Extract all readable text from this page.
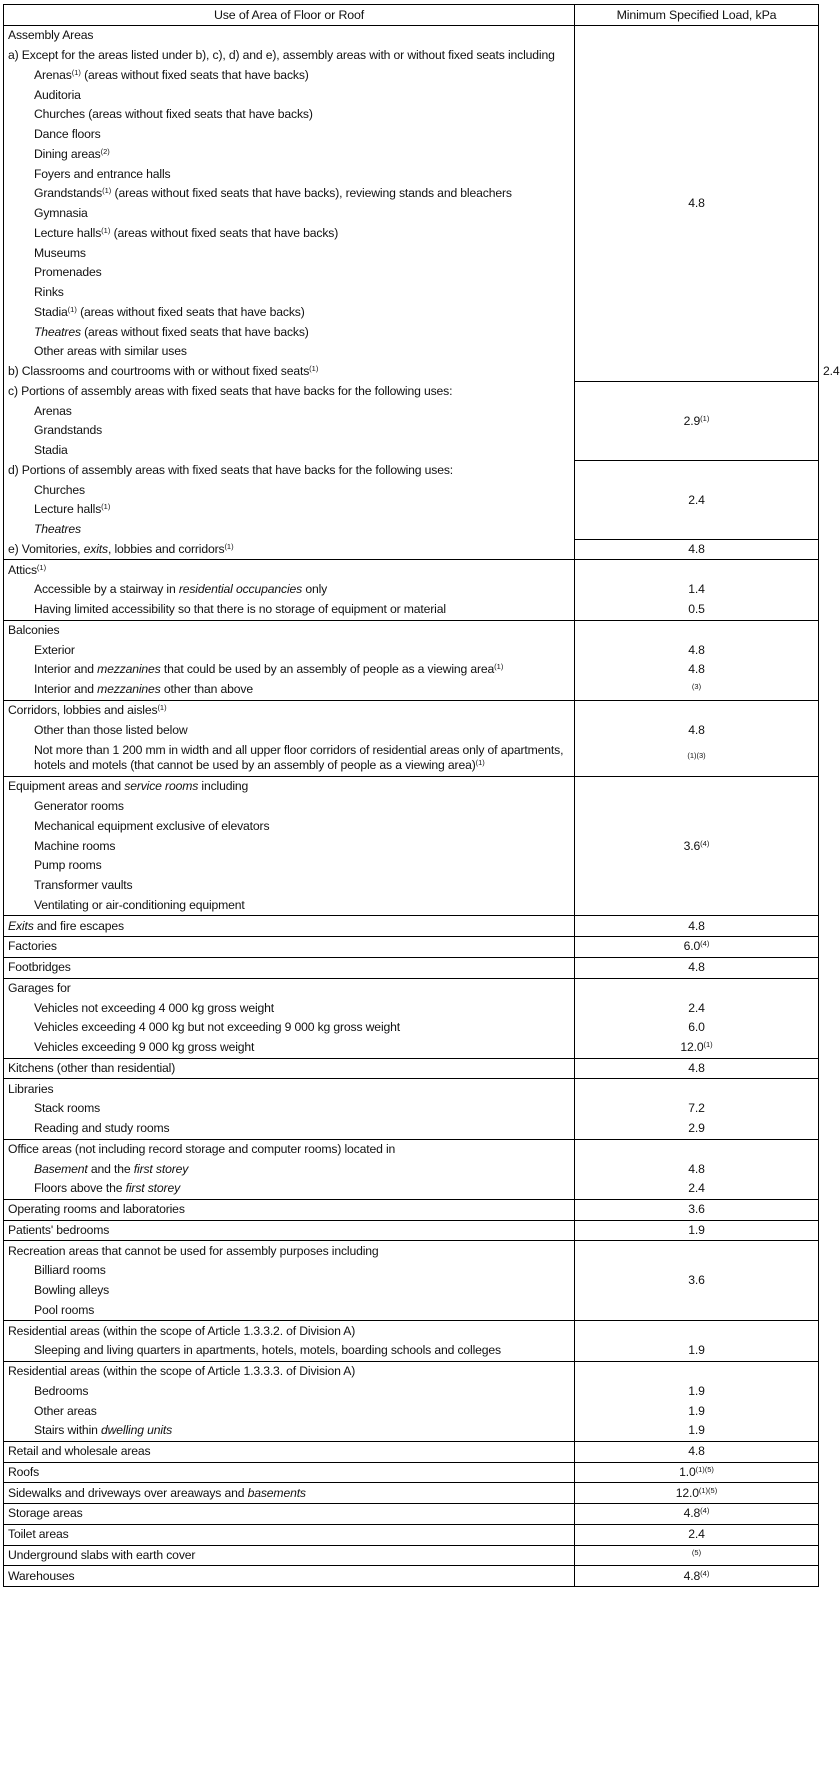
Use of Area of Floor or Roof	Minimum Specified Load, kPa	
Assembly Areas	4.8	
a) Except for the areas listed under b), c), d) and e), assembly areas with or without fixed seats including		
Arenas$^{(1)}$ (areas without fixed seats that have backs)		
Auditoria		
Churches (areas without fixed seats that have backs)		
Dance floors		
Dining areas$^{(2)}$
Foyers and entrance halls		
Grandstands$^{(1)}$ (areas without fixed seats that have backs), reviewing stands and bleachers		
Gymnasia		
Lecture halls$^{(1)}$ (areas without fixed seats that have backs)		
Museums		
Promenades		
Rinks		
Stadia$^{(1)}$ (areas without fixed seats that have backs)		
Theatres (areas without fixed seats that have backs)		
Other areas with similar uses		
b) Classrooms and courtrooms with or without fixed seats$^{(1)}$		2.4
c) Portions of assembly areas with fixed seats that have backs for the following uses:	2.9$^{(1)}$
Arenas		
Grandstands		
Stadia		
d) Portions of assembly areas with fixed seats that have backs for the following uses:	2.4	
Churches		
Lecture halls$^{(1)}$
Theatres		
e) Vomitories, exits, lobbies and corridors$^{(1)}$	4.8	
Attics$^{(1)}$	
Accessible by a stairway in residential occupancies only	1.4	
Having limited accessibility so that there is no storage of equipment or material	0.5	
Balconies		
Exterior	4.8	
Interior and mezzanines that could be used by an assembly of people as a viewing area$^{(1)}$	4.8	
Interior and mezzanines other than above	$^{(3)}$
Corridors, lobbies and aisles$^{(1)}$	
Other than those listed below	4.8	
Not more than 1 200 mm in width and all upper floor corridors of residential areas only of apartments, hotels and motels (that cannot be used by an assembly of people as a viewing area)$^{(1)}$	$^{(1)(3)}$
Equipment areas and service rooms including	3.6$^{(4)}$
Generator rooms		
Mechanical equipment exclusive of elevators		
Machine rooms		
Pump rooms		
Transformer vaults		
Ventilating or air-conditioning equipment		
Exits and fire escapes	4.8	
Factories	6.0$^{(4)}$
Footbridges	4.8	
Garages for		
Vehicles not exceeding 4 000 kg gross weight	2.4	
Vehicles exceeding 4 000 kg but not exceeding 9 000 kg gross weight	6.0	
Vehicles exceeding 9 000 kg gross weight	12.0$^{(1)}$
Kitchens (other than residential)	4.8	
Libraries		
Stack rooms	7.2	
Reading and study rooms	2.9	
Office areas (not including record storage and computer rooms) located in		
Basement and the first storey	4.8	
Floors above the first storey	2.4	
Operating rooms and laboratories	3.6	
Patients' bedrooms	1.9	
Recreation areas that cannot be used for assembly purposes including	3.6	
Billiard rooms		
Bowling alleys		
Pool rooms		
Residential areas (within the scope of Article 1.3.3.2. of Division A)		
Sleeping and living quarters in apartments, hotels, motels, boarding schools and colleges	1.9	
Residential areas (within the scope of Article 1.3.3.3. of Division A)		
Bedrooms	1.9	
Other areas	1.9	
Stairs within dwelling units	1.9	
Retail and wholesale areas	4.8	
Roofs	$1.0^{(1)(5)}$
Sidewalks and driveways over areaways and basements	$12.0^{(1)(5)}$
Storage areas	4.8$^{(4)}$
Toilet areas	2.4	
Underground slabs with earth cover	$^{(5)}$
Warehouses	4.8$^{(4)}$
